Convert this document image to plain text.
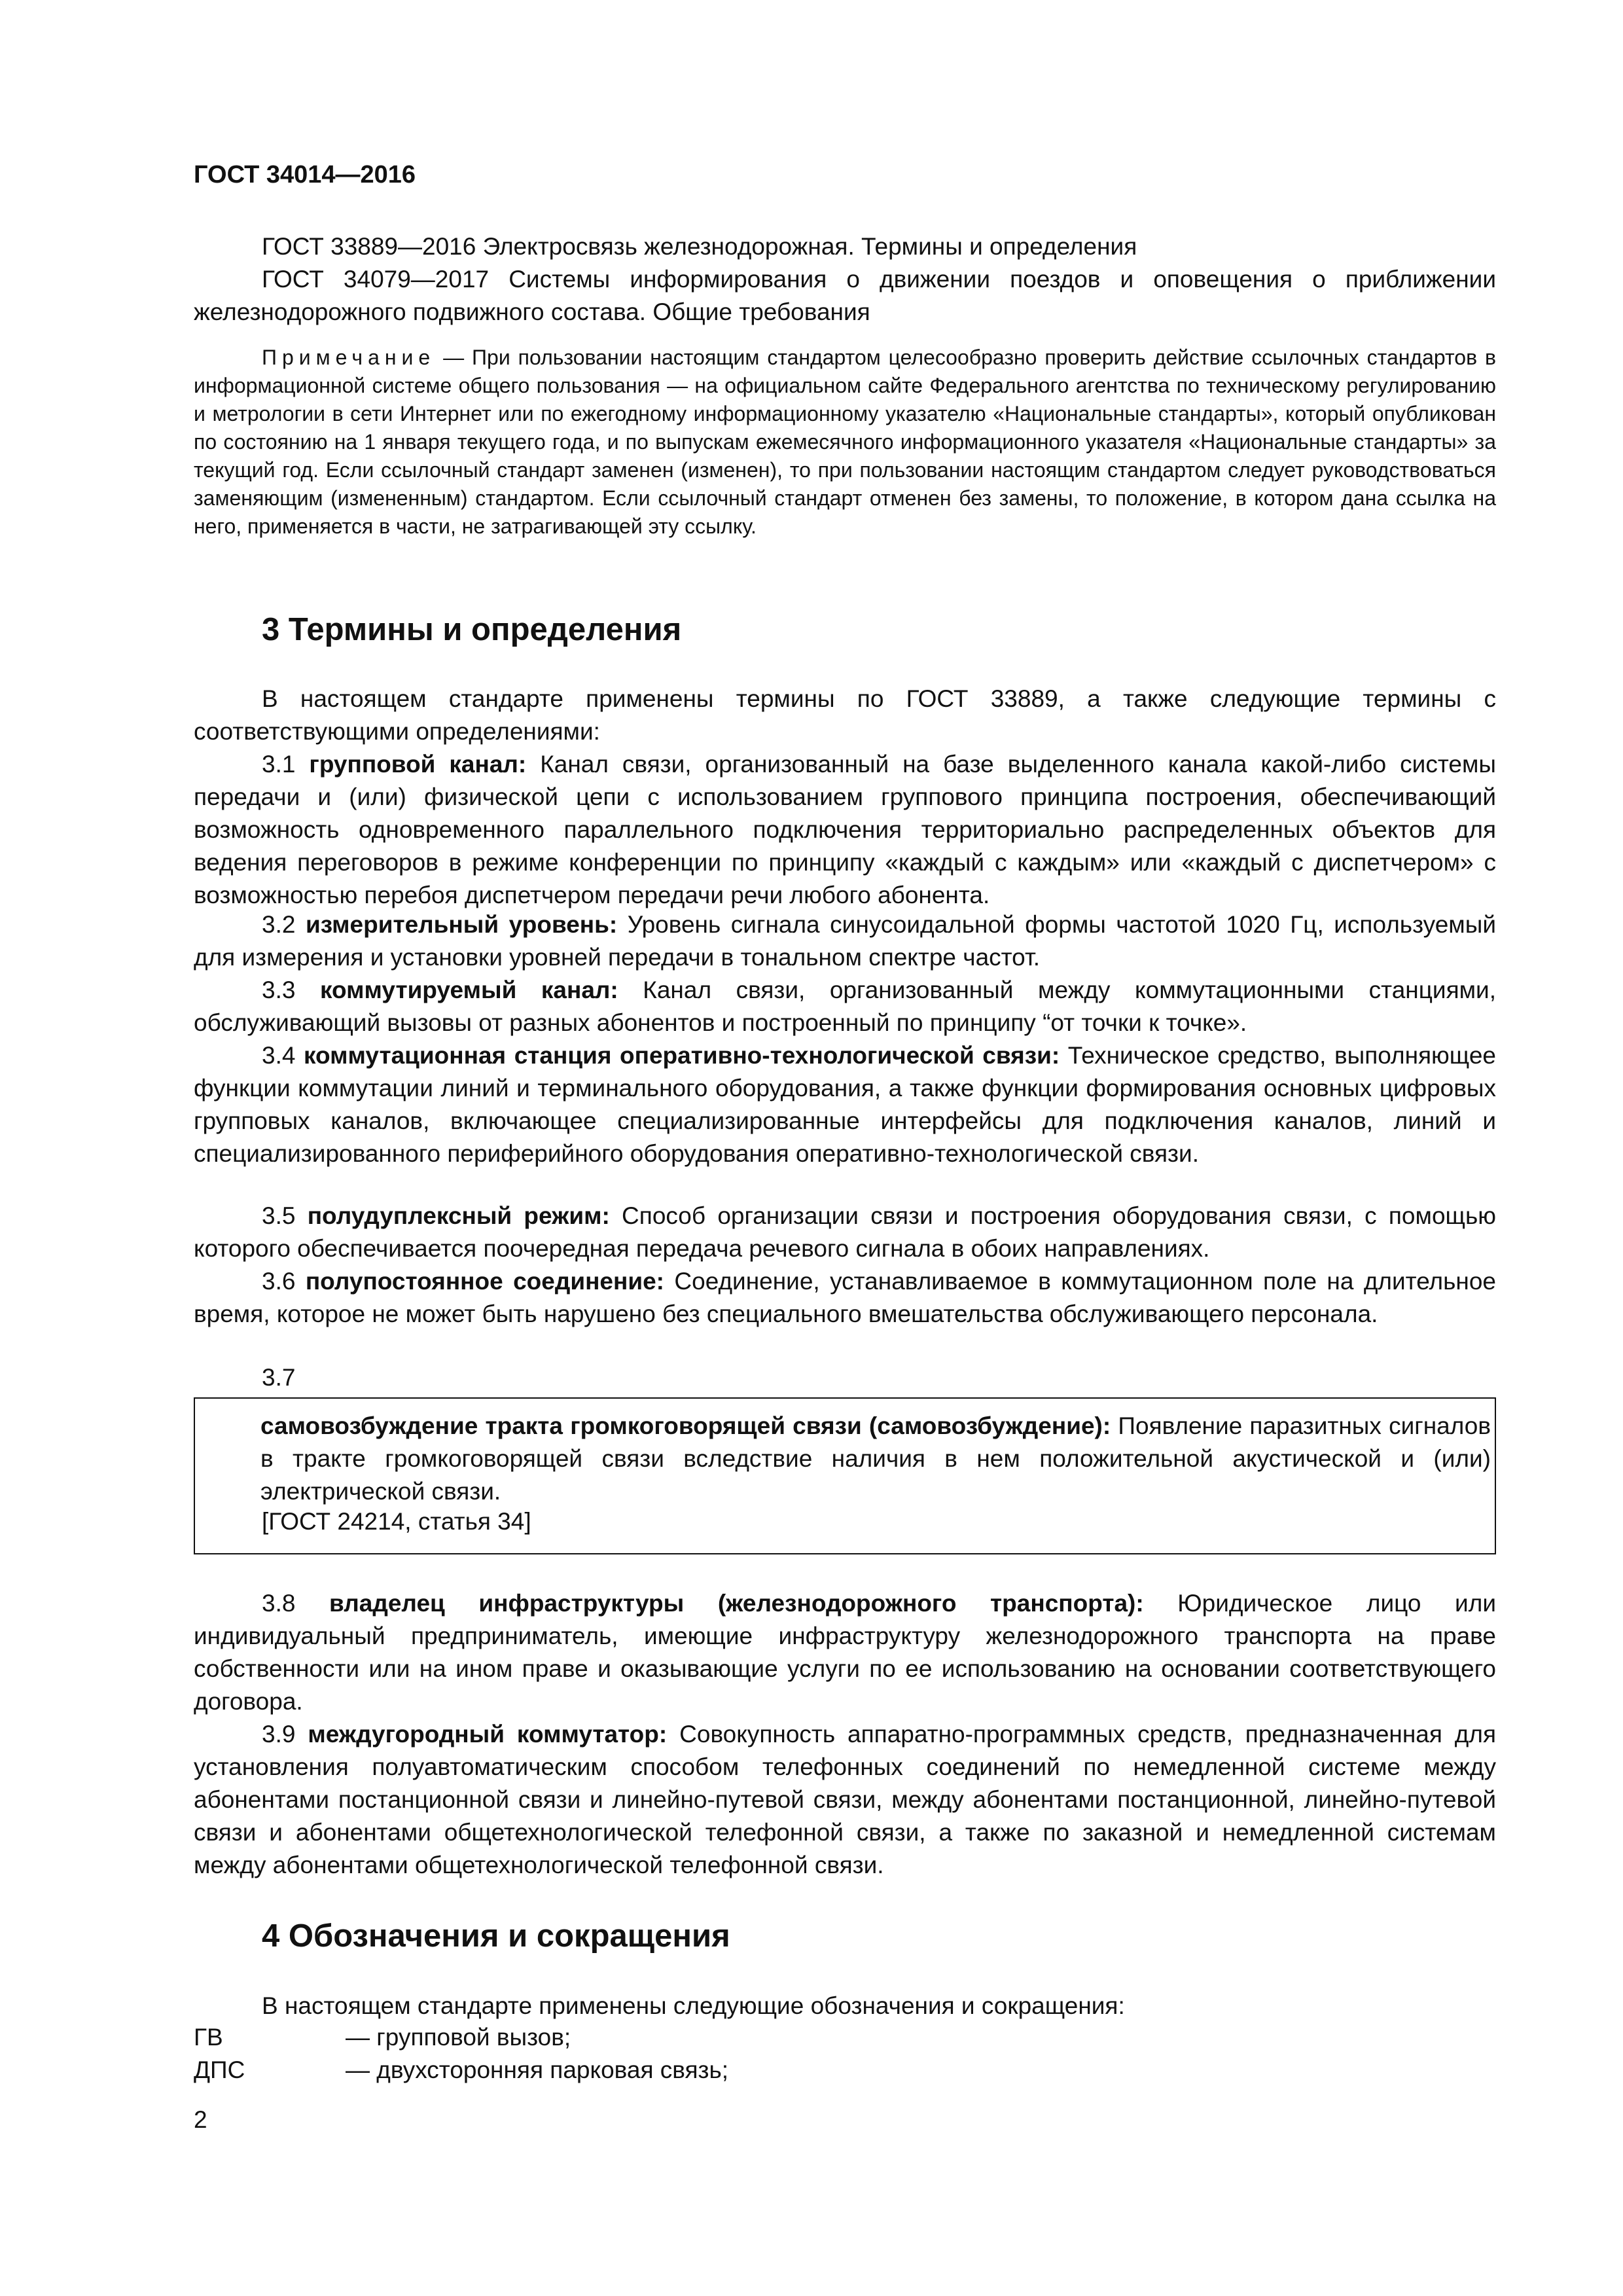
ГОСТ 34014—2016

ГОСТ 33889—2016 Электросвязь железнодорожная. Термины и определения

ГОСТ 34079—2017 Системы информирования о движении поездов и оповещения о приближении железнодорожного подвижного состава. Общие требования

Примечание — При пользовании настоящим стандартом целесообразно проверить действие ссылочных стандартов в информационной системе общего пользования — на официальном сайте Федерального агентства по техническому регулированию и метрологии в сети Интернет или по ежегодному информационному указателю «Национальные стандарты», который опубликован по состоянию на 1 января текущего года, и по выпускам ежемесячного информационного указателя «Национальные стандарты» за текущий год. Если ссылочный стандарт заменен (изменен), то при пользовании настоящим стандартом следует руководствоваться заменяющим (измененным) стандартом. Если ссылочный стандарт отменен без замены, то положение, в котором дана ссылка на него, применяется в части, не затрагивающей эту ссылку.

3 Термины и определения

В настоящем стандарте применены термины по ГОСТ 33889, а также следующие термины с соответствующими определениями:

3.1 групповой канал: Канал связи, организованный на базе выделенного канала какой-либо системы передачи и (или) физической цепи с использованием группового принципа построения, обеспечивающий возможность одновременного параллельного подключения территориально распределенных объектов для ведения переговоров в режиме конференции по принципу «каждый с каждым» или «каждый с диспетчером» с возможностью перебоя диспетчером передачи речи любого абонента.

3.2 измерительный уровень: Уровень сигнала синусоидальной формы частотой 1020 Гц, используемый для измерения и установки уровней передачи в тональном спектре частот.

3.3 коммутируемый канал: Канал связи, организованный между коммутационными станциями, обслуживающий вызовы от разных абонентов и построенный по принципу “от точки к точке».

3.4 коммутационная станция оперативно-технологической связи: Техническое средство, выполняющее функции коммутации линий и терминального оборудования, а также функции формирования основных цифровых групповых каналов, включающее специализированные интерфейсы для подключения каналов, линий и специализированного периферийного оборудования оперативно-технологической связи.

3.5 полудуплексный режим: Способ организации связи и построения оборудования связи, с помощью которого обеспечивается поочередная передача речевого сигнала в обоих направлениях.

3.6 полупостоянное соединение: Соединение, устанавливаемое в коммутационном поле на длительное время, которое не может быть нарушено без специального вмешательства обслуживающего персонала.

3.7

самовозбуждение тракта громкоговорящей связи (самовозбуждение): Появление паразитных сигналов в тракте громкоговорящей связи вследствие наличия в нем положительной акустической и (или) электрической связи.

[ГОСТ 24214, статья 34]

3.8 владелец инфраструктуры (железнодорожного транспорта): Юридическое лицо или индивидуальный предприниматель, имеющие инфраструктуру железнодорожного транспорта на праве собственности или на ином праве и оказывающие услуги по ее использованию на основании соответствующего договора.

3.9 междугородный коммутатор: Совокупность аппаратно-программных средств, предназначенная для установления полуавтоматическим способом телефонных соединений по немедленной системе между абонентами постанционной связи и линейно-путевой связи, между абонентами постанционной, линейно-путевой связи и абонентами общетехнологической телефонной связи, а также по заказной и немедленной системам между абонентами общетехнологической телефонной связи.

4 Обозначения и сокращения

В настоящем стандарте применены следующие обозначения и сокращения:

ГВ	— групповой вызов;
ДПС	— двухсторонняя парковая связь;
2
